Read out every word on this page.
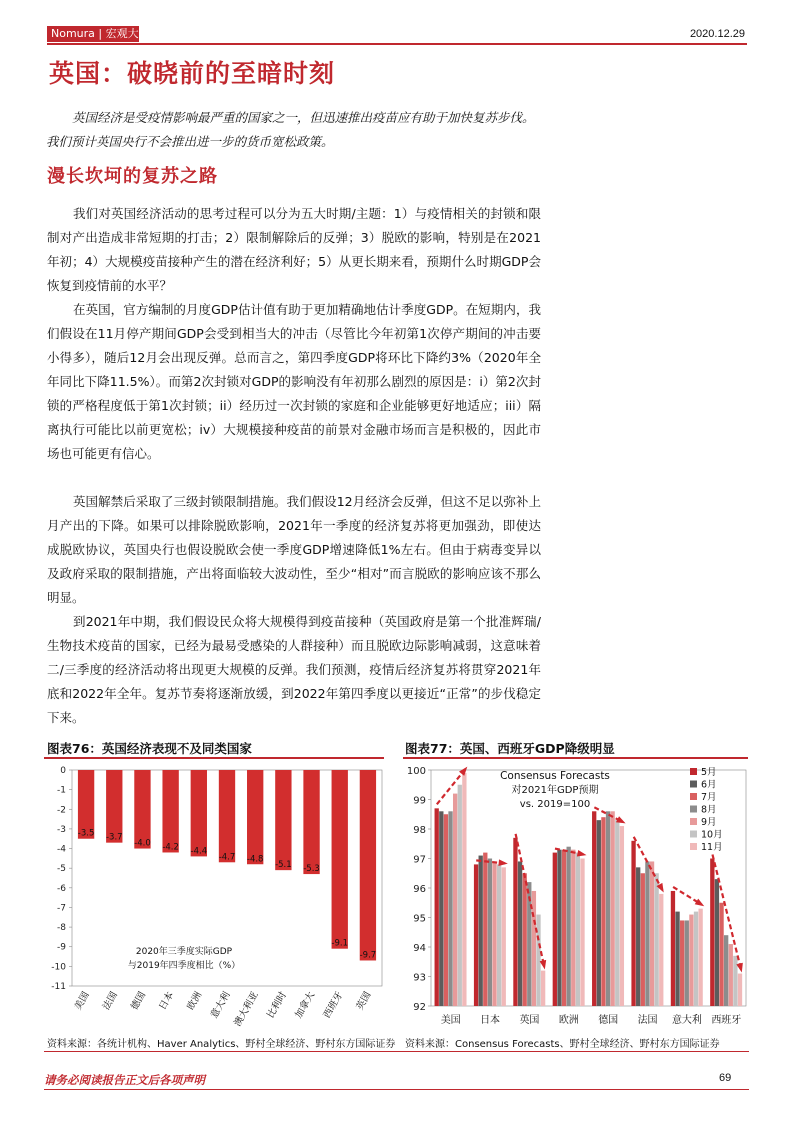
Nomura | 宏观大报告	2020.12.29
英国：破晓前的至暗时刻
英国经济是受疫情影响最严重的国家之一，但迅速推出疫苗应有助于加快复苏步伐。我们预计英国央行不会推出进一步的货币宽松政策。
漫长坎坷的复苏之路
我们对英国经济活动的思考过程可以分为五大时期/主题：1）与疫情相关的封锁和限制对产出造成非常短期的打击；2）限制解除后的反弹；3）脱欧的影响，特别是在2021年初；4）大规模疫苗接种产生的潜在经济利好；5）从更长期来看，预期什么时期GDP会恢复到疫情前的水平？
在英国，官方编制的月度GDP估计值有助于更加精确地估计季度GDP。在短期内，我们假设在11月停产期间GDP会受到相当大的冲击（尽管比今年初第1次停产期间的冲击要小得多），随后12月会出现反弹。总而言之，第四季度GDP将环比下降约3%（2020年全年同比下降11.5%）。而第2次封锁对GDP的影响没有年初那么剧烈的原因是：i）第2次封锁的严格程度低于第1次封锁；ii）经历过一次封锁的家庭和企业能够更好地适应；iii）隔离执行可能比以前更宽松；iv）大规模接种疫苗的前景对金融市场而言是积极的，因此市场也可能更有信心。
英国解禁后采取了三级封锁限制措施。我们假设12月经济会反弹，但这不足以弥补上月产出的下降。如果可以排除脱欧影响，2021年一季度的经济复苏将更加强劲，即使达成脱欧协议，英国央行也假设脱欧会使一季度GDP增速降低1%左右。但由于病毒变异以及政府采取的限制措施，产出将面临较大波动性，至少“相对”而言脱欧的影响应该不那么明显。
到2021年中期，我们假设民众将大规模得到疫苗接种（英国政府是第一个批准辉瑞/生物技术疫苗的国家，已经为最易受感染的人群接种）而且脱欧边际影响减弱，这意味着二/三季度的经济活动将出现更大规模的反弹。我们预测，疫情后经济复苏将贯穿2021年底和2022年全年。复苏节奏将逐渐放缓，到2022年第四季度以更接近“正常”的步伐稳定下来。
图表76：英国经济表现不及同类国家
0
-1
-2
-3
-4
-5
-6
-7
-8
-9
-10
-11
-3.5
美国
-3.7
法国
-4.0
德国
-4.2
日本
-4.4
欧洲
-4.7
意大利
-4.8
澳大利亚
-5.1
比利时
-5.3
加拿大
-9.1
西班牙
-9.7
英国
2020年三季度实际GDP
与2019年四季度相比（%）
资料来源：各统计机构、Haver Analytics、野村全球经济、野村东方国际证券
图表77：英国、西班牙GDP降级明显
100
99
98
97
96
95
94
93
92
美国 日本 英国 欧洲 德国 法国 意大利 西班牙
Consensus Forecasts
对2021年GDP预期
vs. 2019=100
5月
6月
7月
8月
9月
10月
11月
资料来源：Consensus Forecasts、野村全球经济、野村东方国际证券
请务必阅读报告正文后各项声明	69
